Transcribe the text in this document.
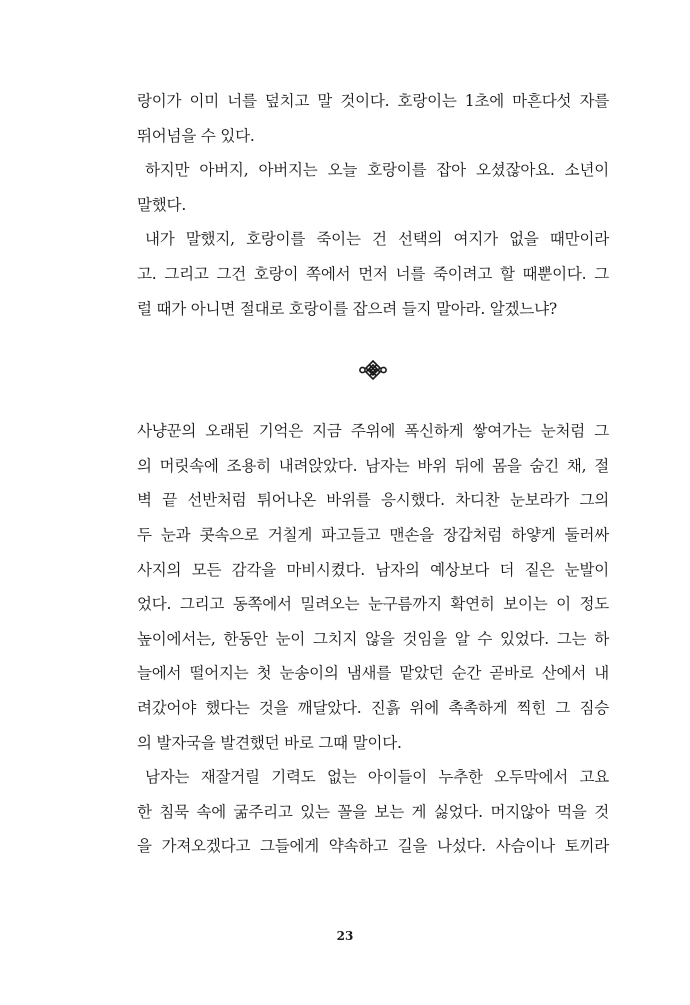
랑이가 이미 너를 덮치고 말 것이다. 호랑이는 1초에 마흔다섯 자를
뛰어넘을 수 있다.
하지만 아버지, 아버지는 오늘 호랑이를 잡아 오셨잖아요. 소년이
말했다.
내가 말했지, 호랑이를 죽이는 건 선택의 여지가 없을 때만이라
고. 그리고 그건 호랑이 쪽에서 먼저 너를 죽이려고 할 때뿐이다. 그
럴 때가 아니면 절대로 호랑이를 잡으려 들지 말아라. 알겠느냐?
사냥꾼의 오래된 기억은 지금 주위에 폭신하게 쌓여가는 눈처럼 그
의 머릿속에 조용히 내려앉았다. 남자는 바위 뒤에 몸을 숨긴 채, 절
벽 끝 선반처럼 튀어나온 바위를 응시했다. 차디찬 눈보라가 그의
두 눈과 콧속으로 거칠게 파고들고 맨손을 장갑처럼 하얗게 둘러싸
사지의 모든 감각을 마비시켰다. 남자의 예상보다 더 짙은 눈발이
었다. 그리고 동쪽에서 밀려오는 눈구름까지 확연히 보이는 이 정도
높이에서는, 한동안 눈이 그치지 않을 것임을 알 수 있었다. 그는 하
늘에서 떨어지는 첫 눈송이의 냄새를 맡았던 순간 곧바로 산에서 내
려갔어야 했다는 것을 깨달았다. 진흙 위에 촉촉하게 찍힌 그 짐승
의 발자국을 발견했던 바로 그때 말이다.
남자는 재잘거릴 기력도 없는 아이들이 누추한 오두막에서 고요
한 침묵 속에 굶주리고 있는 꼴을 보는 게 싫었다. 머지않아 먹을 것
을 가져오겠다고 그들에게 약속하고 길을 나섰다. 사슴이나 토끼라
23
